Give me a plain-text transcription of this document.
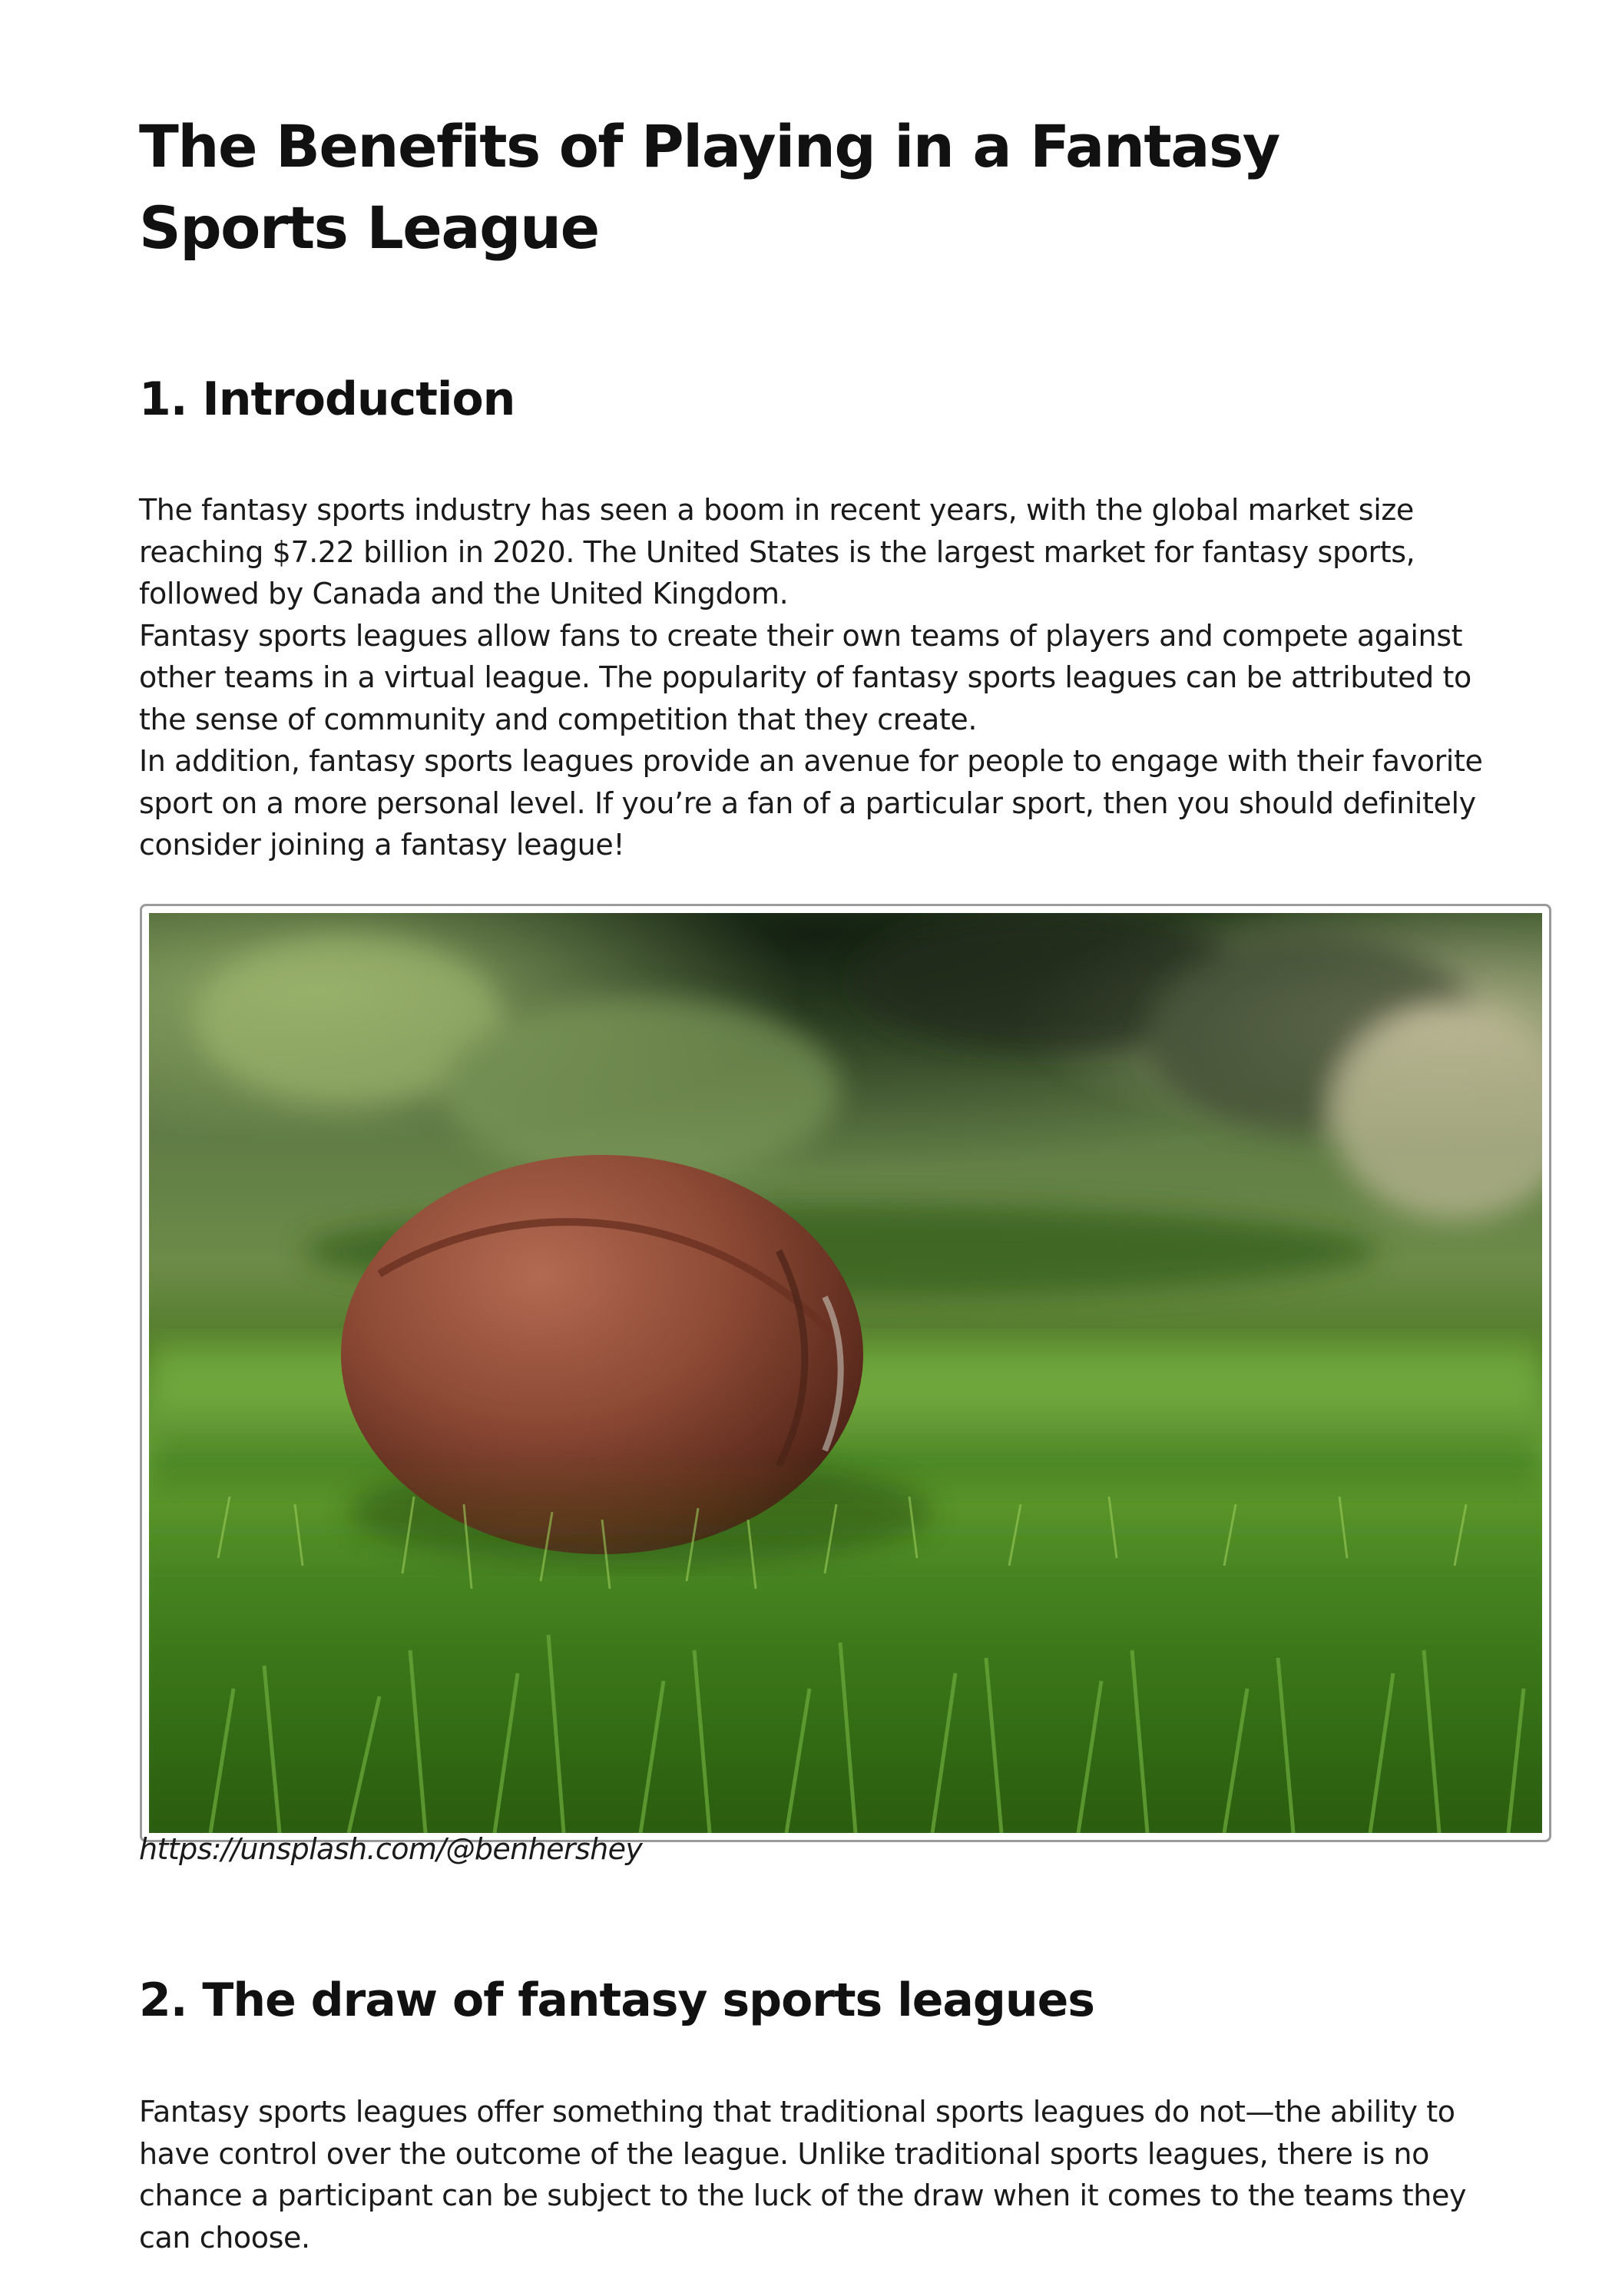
The Benefits of Playing in a Fantasy Sports League
1. Introduction

The fantasy sports industry has seen a boom in recent years, with the global market size reaching $7.22 billion in 2020. The United States is the largest market for fantasy sports, followed by Canada and the United Kingdom.

Fantasy sports leagues allow fans to create their own teams of players and compete against other teams in a virtual league. The popularity of fantasy sports leagues can be attributed to the sense of community and competition that they create.

In addition, fantasy sports leagues provide an avenue for people to engage with their favorite sport on a more personal level. If you’re a fan of a particular sport, then you should definitely consider joining a fantasy league!

https://unsplash.com/@benhershey
2. The draw of fantasy sports leagues

Fantasy sports leagues offer something that traditional sports leagues do not—the ability to have control over the outcome of the league. Unlike traditional sports leagues, there is no chance a participant can be subject to the luck of the draw when it comes to the teams they can choose.
